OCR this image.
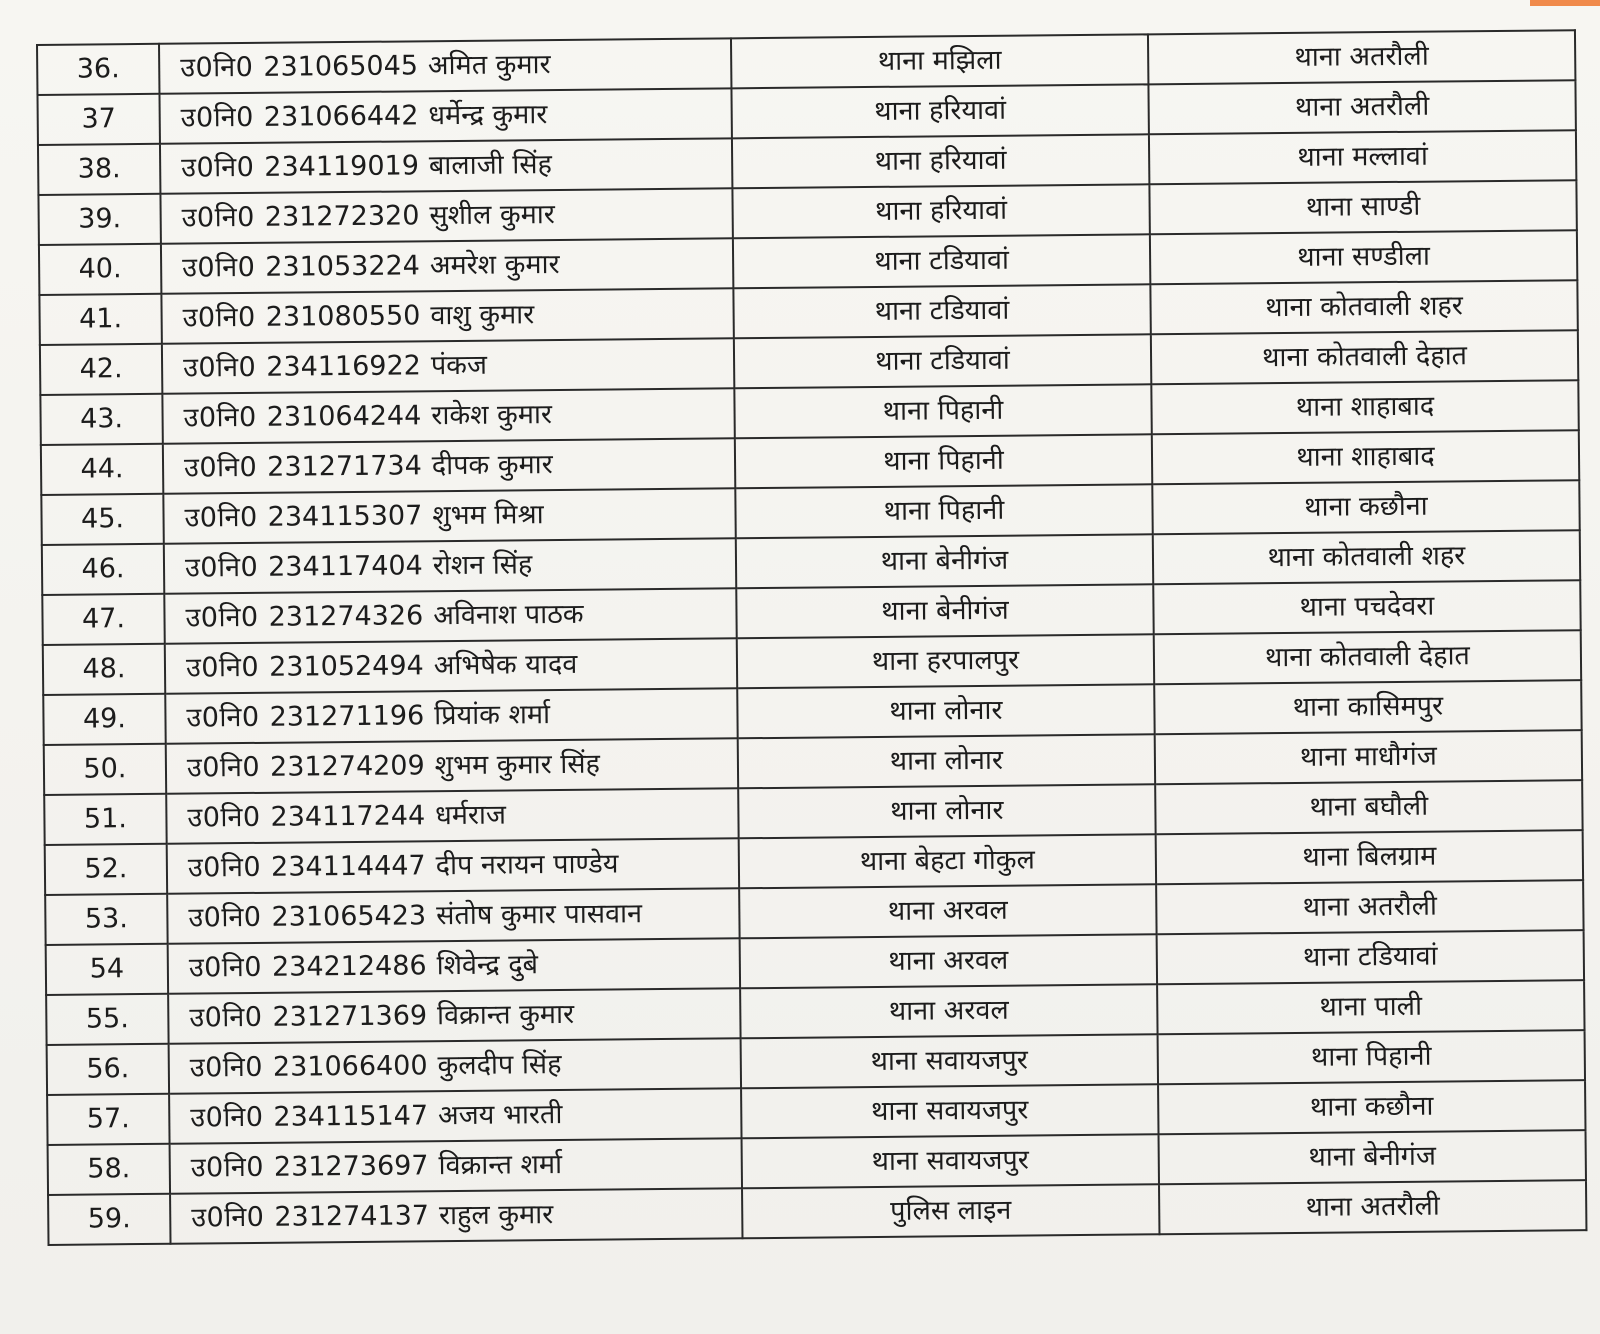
36.	उ0नि0 231065045 अमित कुमार	थाना मझिला	थाना अतरौली
37	उ0नि0 231066442 धर्मेन्द्र कुमार	थाना हरियावां	थाना अतरौली
38.	उ0नि0 234119019 बालाजी सिंह	थाना हरियावां	थाना मल्लावां
39.	उ0नि0 231272320 सुशील कुमार	थाना हरियावां	थाना साण्डी
40.	उ0नि0 231053224 अमरेश कुमार	थाना टडियावां	थाना सण्डीला
41.	उ0नि0 231080550 वाशु कुमार	थाना टडियावां	थाना कोतवाली शहर
42.	उ0नि0 234116922 पंकज	थाना टडियावां	थाना कोतवाली देहात
43.	उ0नि0 231064244 राकेश कुमार	थाना पिहानी	थाना शाहाबाद
44.	उ0नि0 231271734 दीपक कुमार	थाना पिहानी	थाना शाहाबाद
45.	उ0नि0 234115307 शुभम मिश्रा	थाना पिहानी	थाना कछौना
46.	उ0नि0 234117404 रोशन सिंह	थाना बेनीगंज	थाना कोतवाली शहर
47.	उ0नि0 231274326 अविनाश पाठक	थाना बेनीगंज	थाना पचदेवरा
48.	उ0नि0 231052494 अभिषेक यादव	थाना हरपालपुर	थाना कोतवाली देहात
49.	उ0नि0 231271196 प्रियांक शर्मा	थाना लोनार	थाना कासिमपुर
50.	उ0नि0 231274209 शुभम कुमार सिंह	थाना लोनार	थाना माधौगंज
51.	उ0नि0 234117244 धर्मराज	थाना लोनार	थाना बघौली
52.	उ0नि0 234114447 दीप नरायन पाण्डेय	थाना बेहटा गोकुल	थाना बिलग्राम
53.	उ0नि0 231065423 संतोष कुमार पासवान	थाना अरवल	थाना अतरौली
54	उ0नि0 234212486 शिवेन्द्र दुबे	थाना अरवल	थाना टडियावां
55.	उ0नि0 231271369 विक्रान्त कुमार	थाना अरवल	थाना पाली
56.	उ0नि0 231066400 कुलदीप सिंह	थाना सवायजपुर	थाना पिहानी
57.	उ0नि0 234115147 अजय भारती	थाना सवायजपुर	थाना कछौना
58.	उ0नि0 231273697 विक्रान्त शर्मा	थाना सवायजपुर	थाना बेनीगंज
59.	उ0नि0 231274137 राहुल कुमार	पुलिस लाइन	थाना अतरौली
